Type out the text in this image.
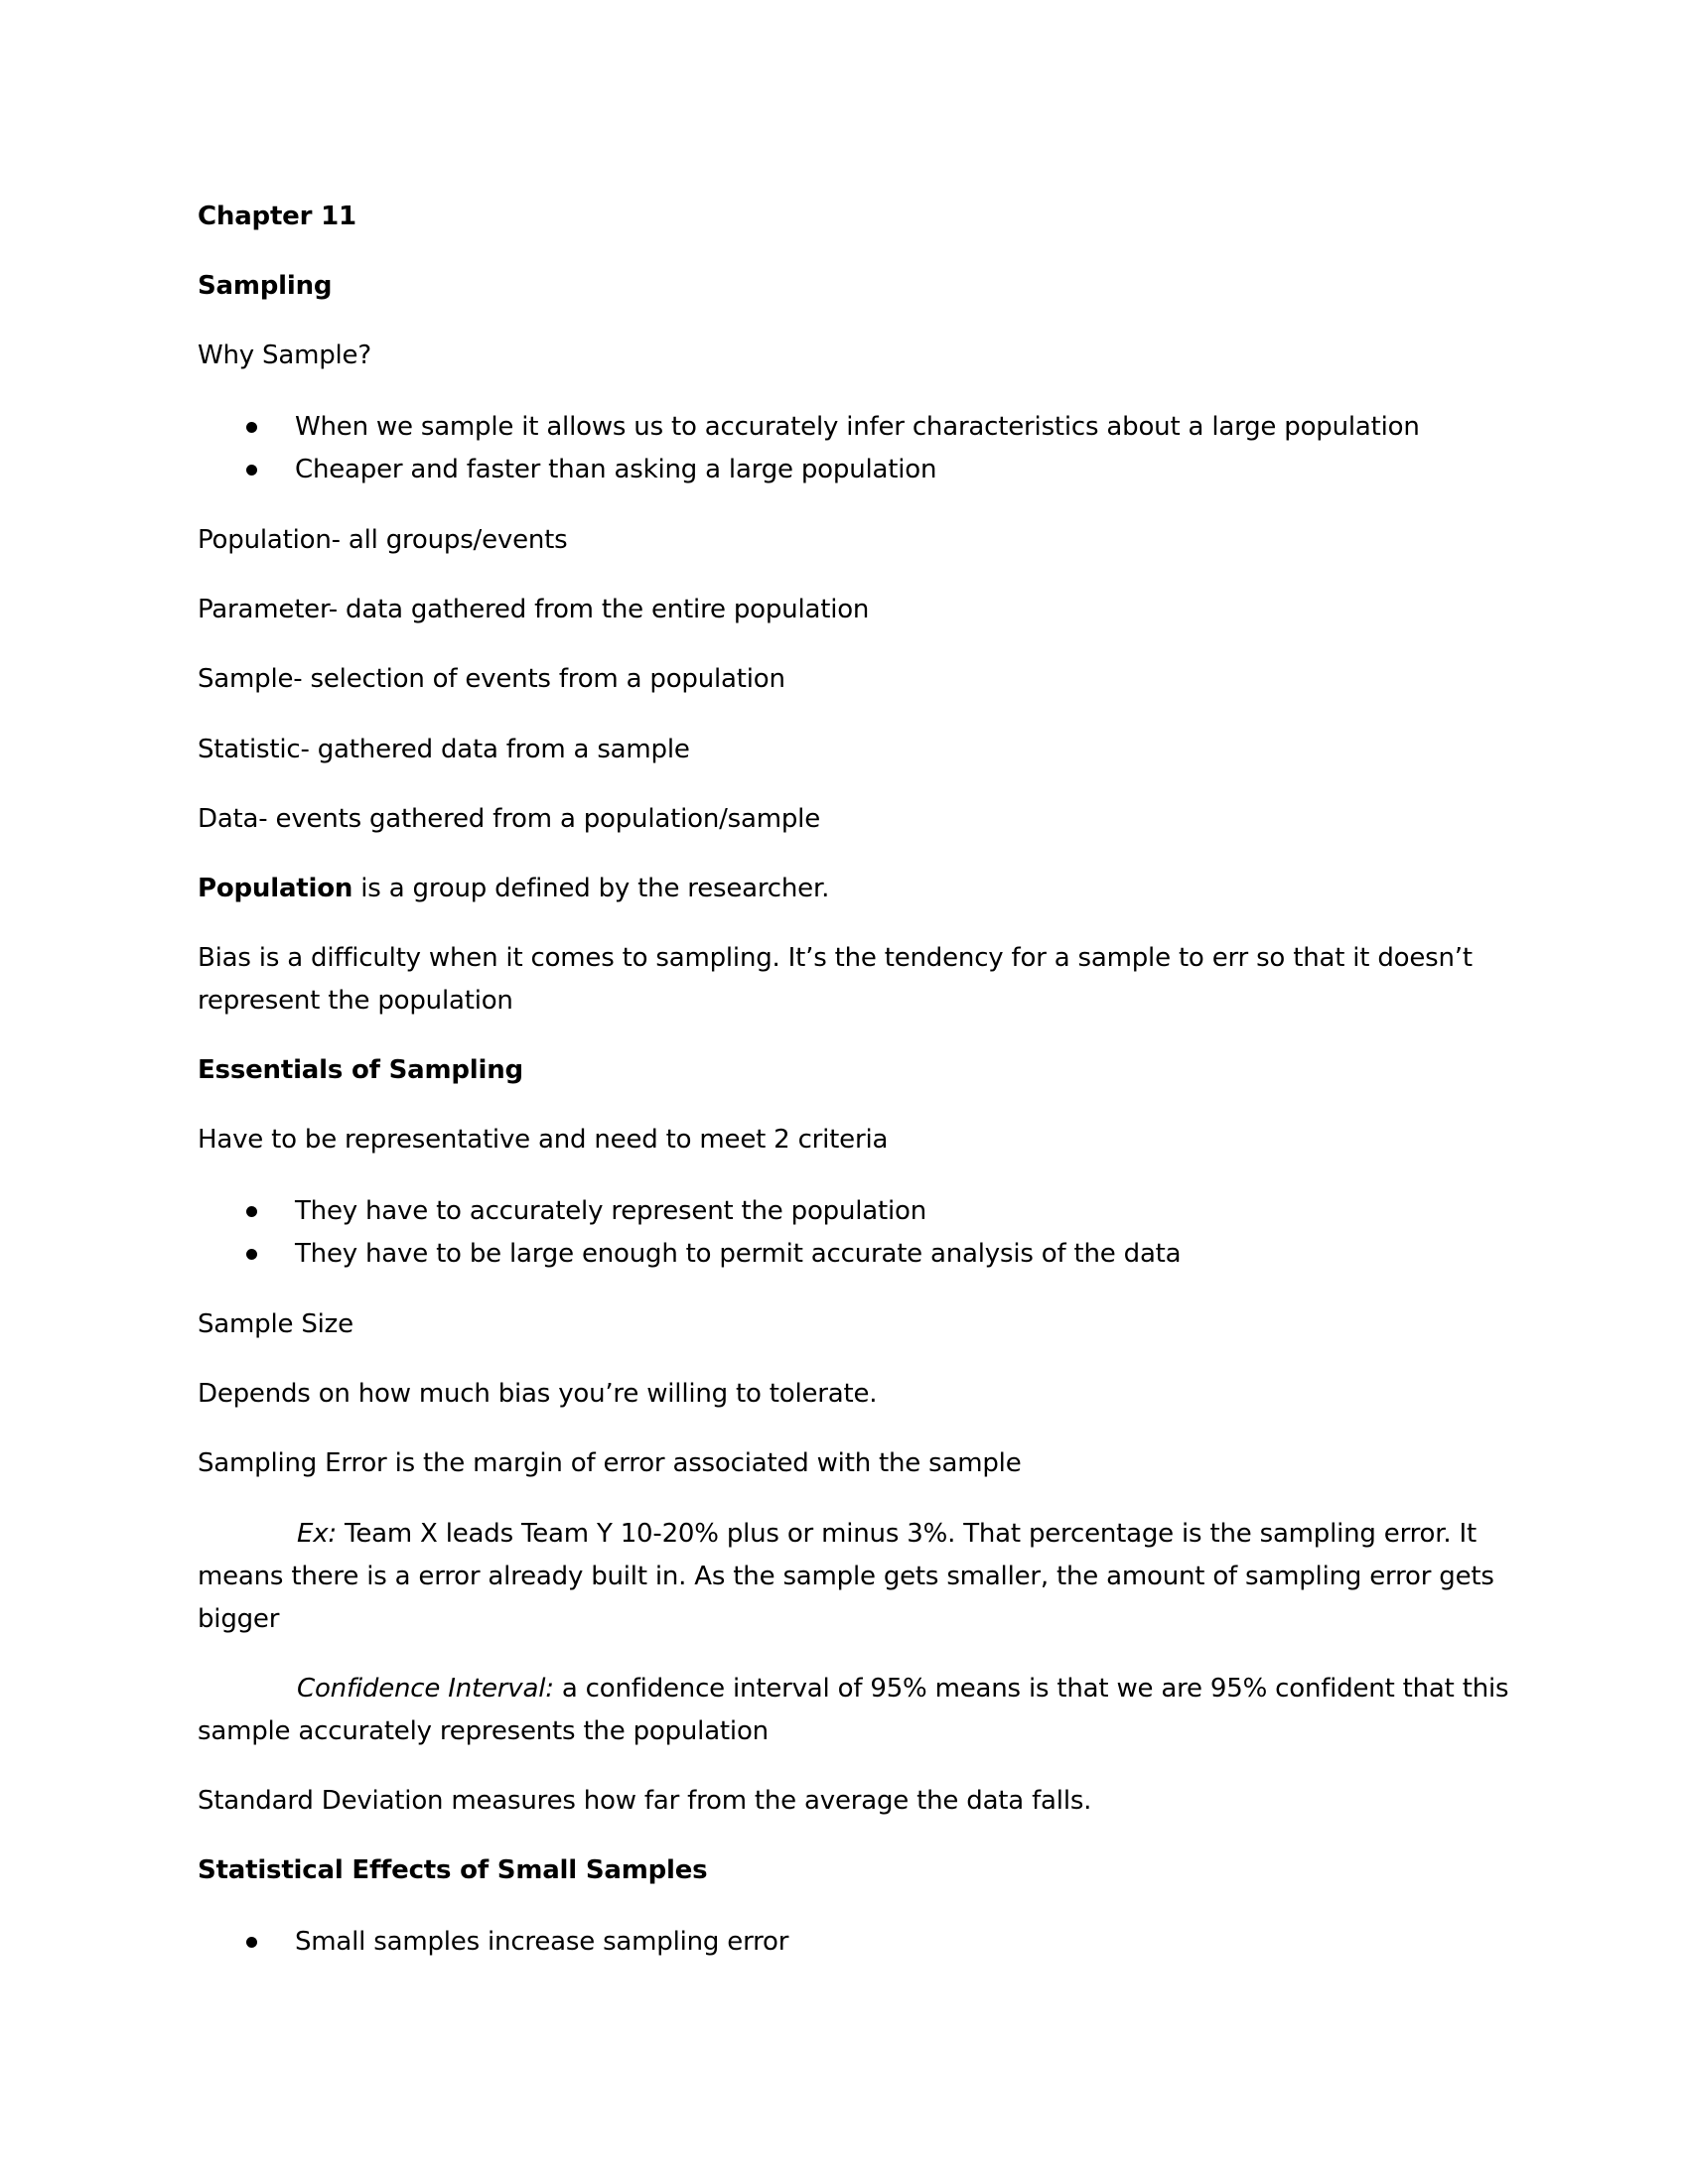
Chapter 11
Sampling
Why Sample?
When we sample it allows us to accurately infer characteristics about a large population
Cheaper and faster than asking a large population
Population- all groups/events
Parameter- data gathered from the entire population
Sample- selection of events from a population
Statistic- gathered data from a sample
Data- events gathered from a population/sample
Population is a group defined by the researcher.
Bias is a difficulty when it comes to sampling. It’s the tendency for a sample to err so that it doesn’t
represent the population
Essentials of Sampling
Have to be representative and need to meet 2 criteria
They have to accurately represent the population
They have to be large enough to permit accurate analysis of the data
Sample Size
Depends on how much bias you’re willing to tolerate.
Sampling Error is the margin of error associated with the sample
Ex: Team X leads Team Y 10-20% plus or minus 3%. That percentage is the sampling error. It
means there is a error already built in. As the sample gets smaller, the amount of sampling error gets
bigger
Confidence Interval: a confidence interval of 95% means is that we are 95% confident that this
sample accurately represents the population
Standard Deviation measures how far from the average the data falls.
Statistical Effects of Small Samples
Small samples increase sampling error
